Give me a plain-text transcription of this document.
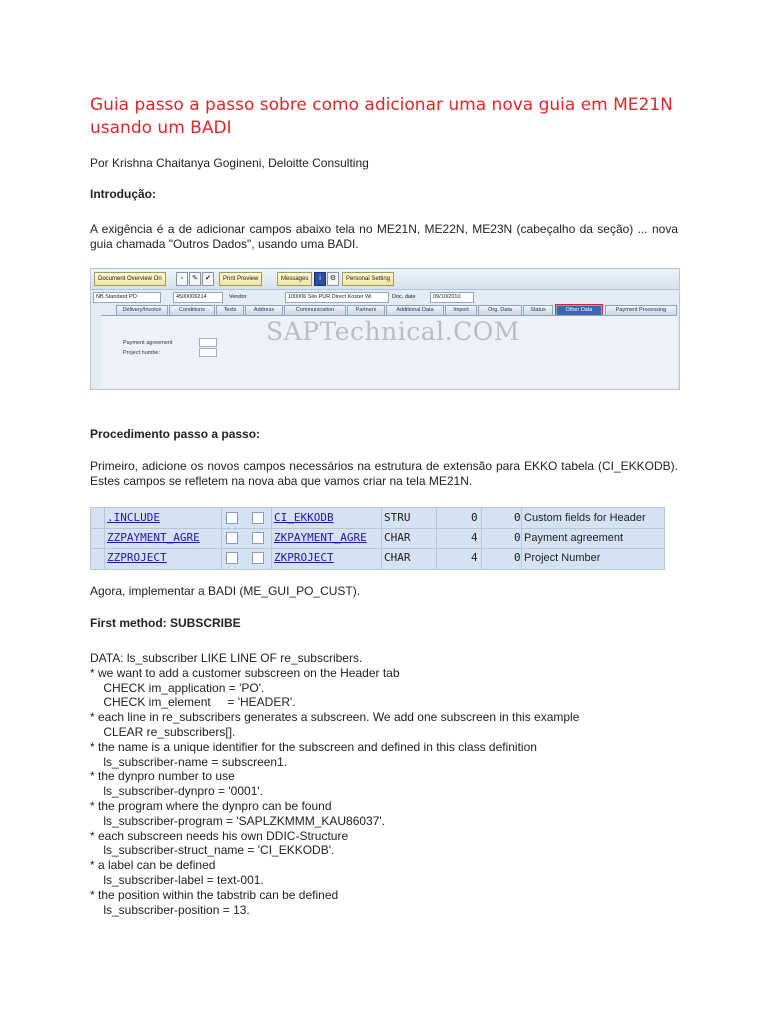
Guia passo a passo sobre como adicionar uma nova guia em ME21N usando um BADI

Por Krishna Chaitanya Gogineni, Deloitte Consulting

Introdução:

A exigência é a de adicionar campos abaixo tela no ME21N, ME22N, ME23N (cabeçalho da seção) ... nova guia chamada "Outros Dados", usando uma BADI.

Document Overview On	▫	✎	✔	Print Preview	Messages	i	⚙	Personal Setting
NB Standard PO	4500006214	Vendor	100006 Silo PUR Direct Koster Wi	Doc. date	09/10/2010
Delivery/Invoice	Conditions	Texts	Address	Communication	Partners	Additional Data	Import	Org. Data	Status	Other Data	Payment Processing
Payment agreement
Project numbe:
SAPTechnical.COM

Procedimento passo a passo:

Primeiro, adicione os novos campos necessários na estrutura de extensão para EKKO tabela (CI_EKKODB). Estes campos se refletem na nova aba que vamos criar na tela ME21N.

.INCLUDE	CI_EKKODB	STRU	0	0 Custom fields for Header
ZZPAYMENT_AGRE	ZKPAYMENT_AGRE CHAR	4	0 Payment agreement
ZZPROJECT	ZKPROJECT	CHAR	4	0 Project Number

Agora, implementar a BADI (ME_GUI_PO_CUST).

First method: SUBSCRIBE

DATA: ls_subscriber LIKE LINE OF re_subscribers.
* we want to add a customer subscreen on the Header tab
CHECK im_application = 'PO'.
CHECK im_element     = 'HEADER'.
* each line in re_subscribers generates a subscreen. We add one subscreen in this example
CLEAR re_subscribers[].
* the name is a unique identifier for the subscreen and defined in this class definition
ls_subscriber-name = subscreen1.
* the dynpro number to use
ls_subscriber-dynpro = '0001'.
* the program where the dynpro can be found
ls_subscriber-program = 'SAPLZKMMM_KAU86037'.
* each subscreen needs his own DDIC-Structure
ls_subscriber-struct_name = 'CI_EKKODB'.
* a label can be defined
ls_subscriber-label = text-001.
* the position within the tabstrib can be defined
ls_subscriber-position = 13.
